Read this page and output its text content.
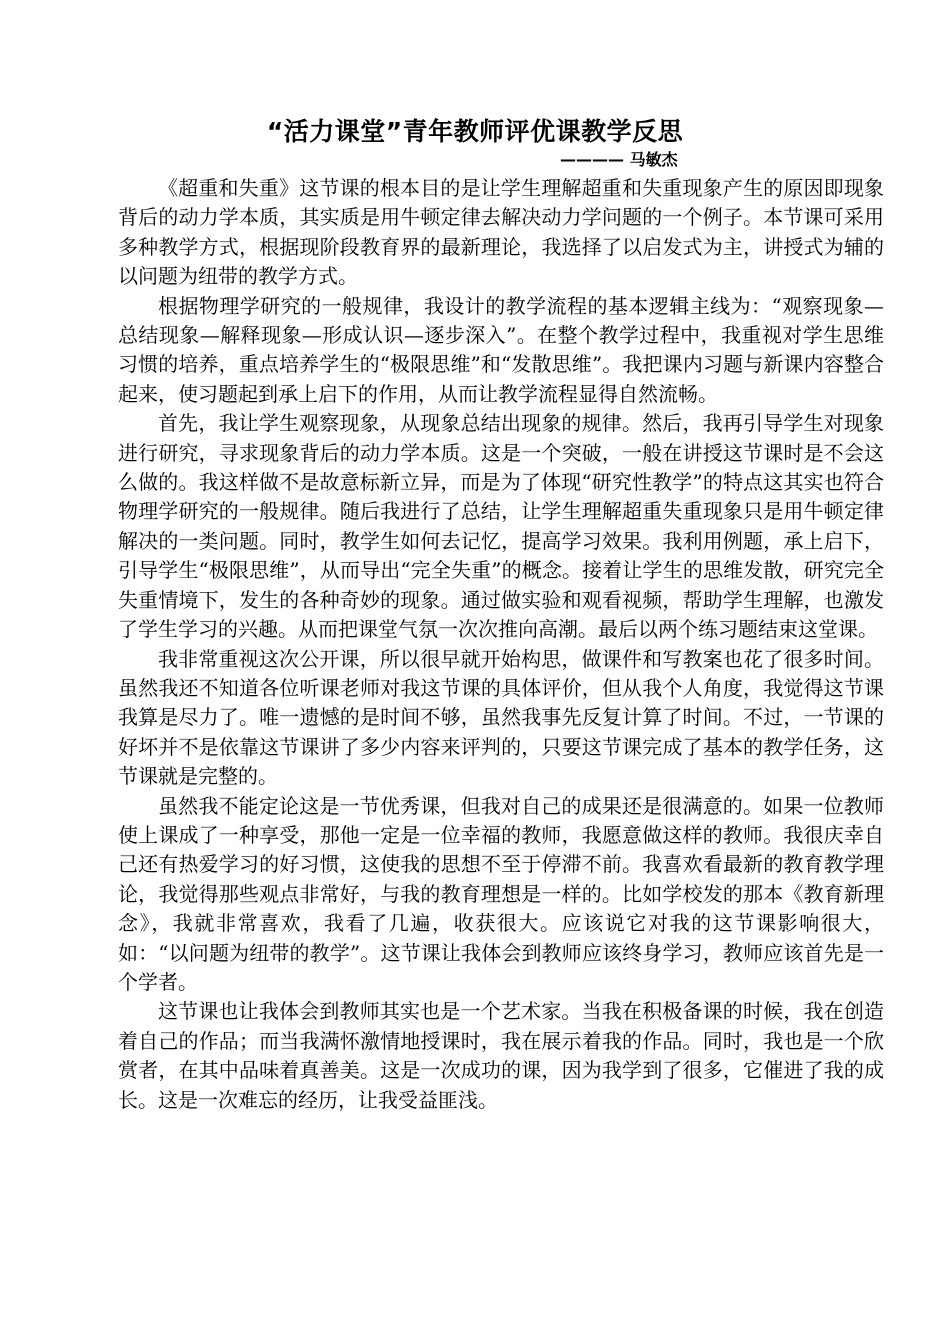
“活力课堂”青年教师评优课教学反思
———— 马敏杰

《超重和失重》这节课的根本目的是让学生理解超重和失重现象产生的原因即现象背后的动力学本质，其实质是用牛顿定律去解决动力学问题的一个例子。本节课可采用多种教学方式，根据现阶段教育界的最新理论，我选择了以启发式为主，讲授式为辅的以问题为纽带的教学方式。

根据物理学研究的一般规律，我设计的教学流程的基本逻辑主线为：“观察现象—总结现象—解释现象—形成认识—逐步深入”。在整个教学过程中，我重视对学生思维习惯的培养，重点培养学生的“极限思维”和“发散思维”。我把课内习题与新课内容整合起来，使习题起到承上启下的作用，从而让教学流程显得自然流畅。

首先，我让学生观察现象，从现象总结出现象的规律。然后，我再引导学生对现象进行研究，寻求现象背后的动力学本质。这是一个突破，一般在讲授这节课时是不会这么做的。我这样做不是故意标新立异，而是为了体现“研究性教学”的特点这其实也符合物理学研究的一般规律。随后我进行了总结，让学生理解超重失重现象只是用牛顿定律解决的一类问题。同时，教学生如何去记忆，提高学习效果。我利用例题，承上启下，引导学生“极限思维”，从而导出“完全失重”的概念。接着让学生的思维发散，研究完全失重情境下，发生的各种奇妙的现象。通过做实验和观看视频，帮助学生理解，也激发了学生学习的兴趣。从而把课堂气氛一次次推向高潮。最后以两个练习题结束这堂课。

我非常重视这次公开课，所以很早就开始构思，做课件和写教案也花了很多时间。虽然我还不知道各位听课老师对我这节课的具体评价，但从我个人角度，我觉得这节课我算是尽力了。唯一遗憾的是时间不够，虽然我事先反复计算了时间。不过，一节课的好坏并不是依靠这节课讲了多少内容来评判的，只要这节课完成了基本的教学任务，这节课就是完整的。

虽然我不能定论这是一节优秀课，但我对自己的成果还是很满意的。如果一位教师使上课成了一种享受，那他一定是一位幸福的教师，我愿意做这样的教师。我很庆幸自己还有热爱学习的好习惯，这使我的思想不至于停滞不前。我喜欢看最新的教育教学理论，我觉得那些观点非常好，与我的教育理想是一样的。比如学校发的那本《教育新理念》，我就非常喜欢，我看了几遍，收获很大。应该说它对我的这节课影响很大，如：“以问题为纽带的教学”。这节课让我体会到教师应该终身学习，教师应该首先是一个学者。

这节课也让我体会到教师其实也是一个艺术家。当我在积极备课的时候，我在创造着自己的作品；而当我满怀激情地授课时，我在展示着我的作品。同时，我也是一个欣赏者，在其中品味着真善美。这是一次成功的课，因为我学到了很多，它催进了我的成长。这是一次难忘的经历，让我受益匪浅。
